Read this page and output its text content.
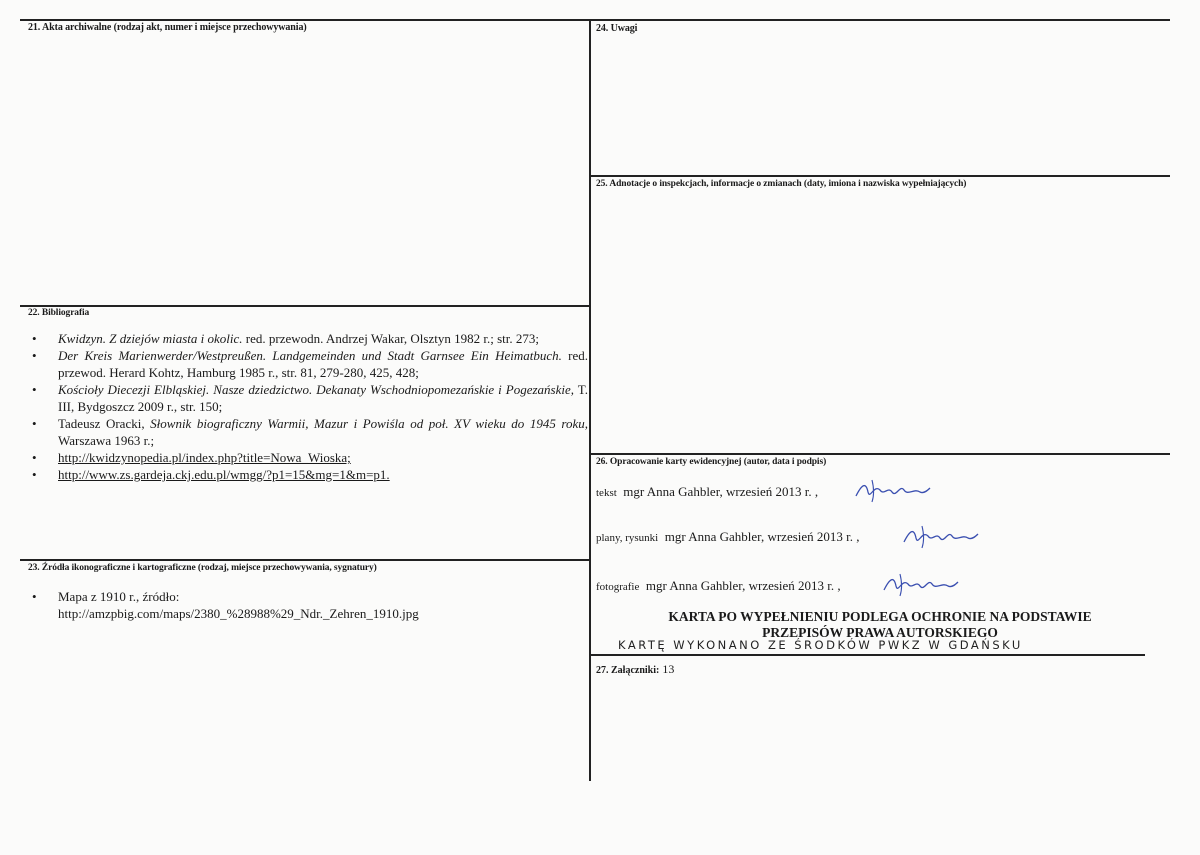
21. Akta archiwalne (rodzaj akt, numer i miejsce przechowywania)
22. Bibliografia
• Kwidzyn. Z dziejów miasta i okolic. red. przewodn. Andrzej Wakar, Olsztyn 1982 r.; str. 273;
• Der Kreis Marienwerder/Westpreußen. Landgemeinden und Stadt Garnsee Ein Heimatbuch. red. przewod. Herard Kohtz, Hamburg 1985 r., str. 81, 279-280, 425, 428;
• Kościoły Diecezji Elbląskiej. Nasze dziedzictwo. Dekanaty Wschodniopomezańskie i Pogezańskie, T. III, Bydgoszcz 2009 r., str. 150;
• Tadeusz Oracki, Słownik biograficzny Warmii, Mazur i Powiśla od poł. XV wieku do 1945 roku, Warszawa 1963 r.;
• http://kwidzynopedia.pl/index.php?title=Nowa_Wioska;
• http://www.zs.gardeja.ckj.edu.pl/wmgg/?p1=15&mg=1&m=p1.
23. Źródła ikonograficzne i kartograficzne (rodzaj, miejsce przechowywania, sygnatury)
•	Mapa z 1910 r., źródło:
http://amzpbig.com/maps/2380_%28988%29_Ndr._Zehren_1910.jpg
24. Uwagi
25. Adnotacje o inspekcjach, informacje o zmianach (daty, imiona i nazwiska wypełniających)
26. Opracowanie karty ewidencyjnej (autor, data i podpis)
tekst mgr Anna Gahbler, wrzesień 2013 r. ,
plany, rysunki mgr Anna Gahbler, wrzesień 2013 r. ,
fotografie mgr Anna Gahbler, wrzesień 2013 r. ,
KARTA PO WYPEŁNIENIU PODLEGA OCHRONIE NA PODSTAWIE
PRZEPISÓW PRAWA AUTORSKIEGO
KARTĘ WYKONANO ZE ŚRODKÓW PWKZ W GDAŃSKU
27. Załączniki: 13
